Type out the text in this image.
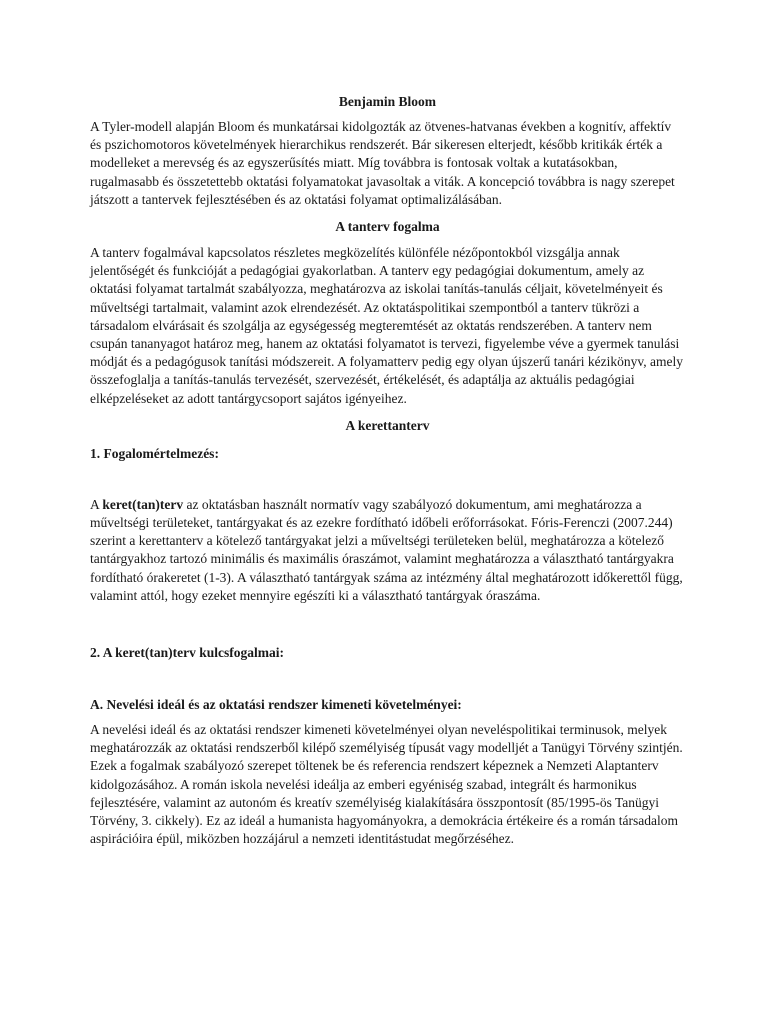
Benjamin Bloom

A Tyler-modell alapján Bloom és munkatársai kidolgozták az ötvenes-hatvanas években a kognitív, affektív és pszichomotoros követelmények hierarchikus rendszerét. Bár sikeresen elterjedt, később kritikák érték a modelleket a merevség és az egyszerűsítés miatt. Míg továbbra is fontosak voltak a kutatásokban, rugalmasabb és összetettebb oktatási folyamatokat javasoltak a viták. A koncepció továbbra is nagy szerepet játszott a tantervek fejlesztésében és az oktatási folyamat optimalizálásában.

A tanterv fogalma

A tanterv fogalmával kapcsolatos részletes megközelítés különféle nézőpontokból vizsgálja annak jelentőségét és funkcióját a pedagógiai gyakorlatban. A tanterv egy pedagógiai dokumentum, amely az oktatási folyamat tartalmát szabályozza, meghatározva az iskolai tanítás-tanulás céljait, követelményeit és műveltségi tartalmait, valamint azok elrendezését. Az oktatáspolitikai szempontból a tanterv tükrözi a társadalom elvárásait és szolgálja az egységesség megteremtését az oktatás rendszerében. A tanterv nem csupán tananyagot határoz meg, hanem az oktatási folyamatot is tervezi, figyelembe véve a gyermek tanulási módját és a pedagógusok tanítási módszereit. A folyamatterv pedig egy olyan újszerű tanári kézikönyv, amely összefoglalja a tanítás-tanulás tervezését, szervezését, értékelését, és adaptálja az aktuális pedagógiai elképzeléseket az adott tantárgycsoport sajátos igényeihez.

A kerettanterv
1. Fogalomértelmezés:

A keret(tan)terv az oktatásban használt normatív vagy szabályozó dokumentum, ami meghatározza a műveltségi területeket, tantárgyakat és az ezekre fordítható időbeli erőforrásokat. Fóris-Ferenczi (2007.244) szerint a kerettanterv a kötelező tantárgyakat jelzi a műveltségi területeken belül, meghatározza a kötelező tantárgyakhoz tartozó minimális és maximális óraszámot, valamint meghatározza a választható tantárgyakra fordítható órakeretet (1-3). A választható tantárgyak száma az intézmény által meghatározott időkerettől függ, valamint attól, hogy ezeket mennyire egészíti ki a választható tantárgyak óraszáma.

2. A keret(tan)terv kulcsfogalmai:
A. Nevelési ideál és az oktatási rendszer kimeneti követelményei:

A nevelési ideál és az oktatási rendszer kimeneti követelményei olyan neveléspolitikai terminusok, melyek meghatározzák az oktatási rendszerből kilépő személyiség típusát vagy modelljét a Tanügyi Törvény szintjén. Ezek a fogalmak szabályozó szerepet töltenek be és referencia rendszert képeznek a Nemzeti Alaptanterv kidolgozásához. A román iskola nevelési ideálja az emberi egyéniség szabad, integrált és harmonikus fejlesztésére, valamint az autonóm és kreatív személyiség kialakítására összpontosít (85/1995-ös Tanügyi Törvény, 3. cikkely). Ez az ideál a humanista hagyományokra, a demokrácia értékeire és a román társadalom aspirációira épül, miközben hozzájárul a nemzeti identitástudat megőrzéséhez.
